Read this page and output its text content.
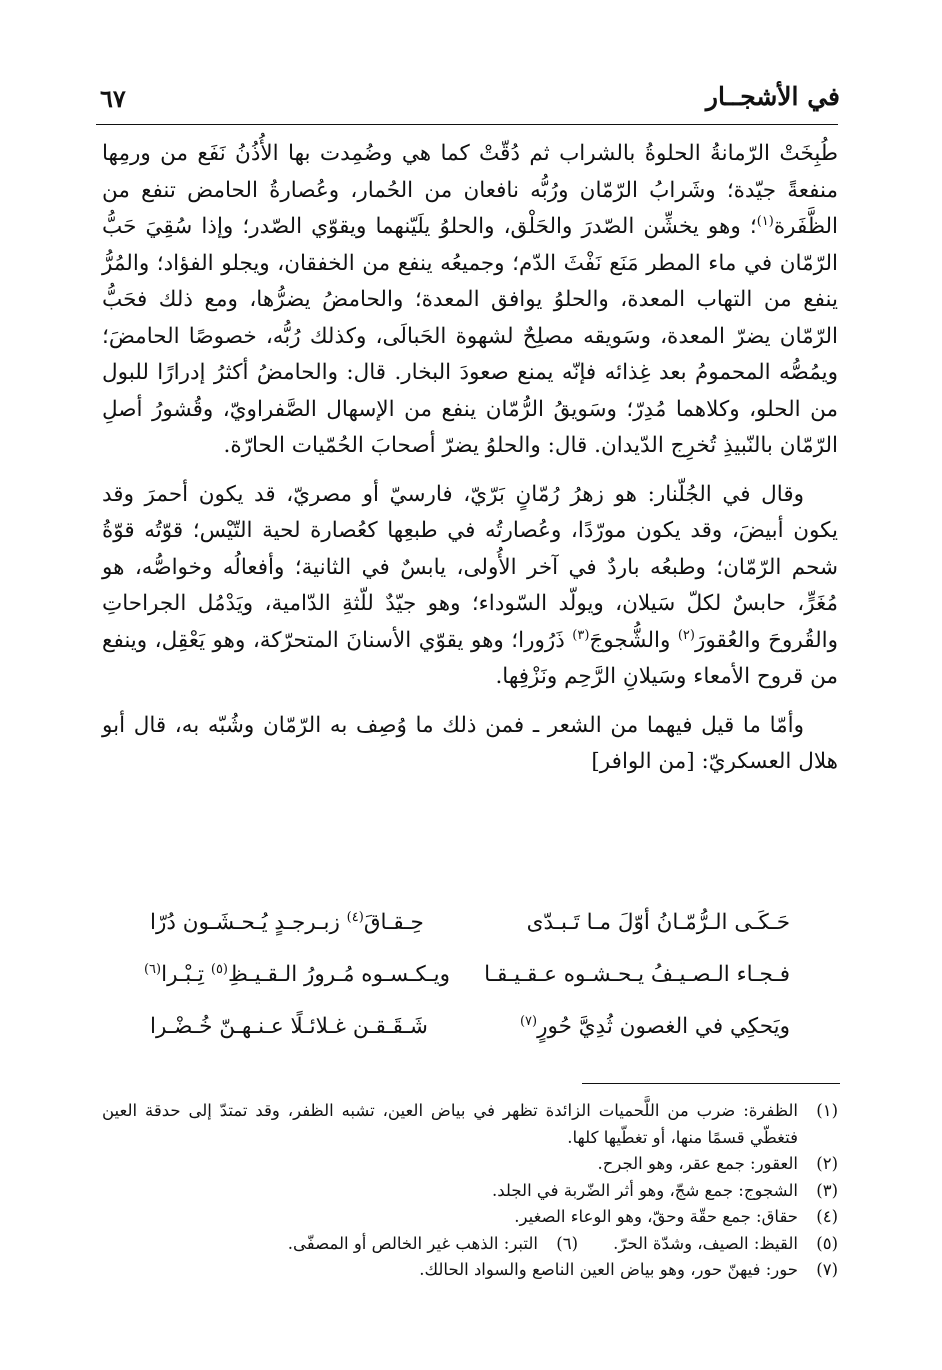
في الأشجــار
٦٧

طُبِخَتْ الرّمانةُ الحلوةُ بالشراب ثم دُقّتْ كما هي وضُمِدت بها الأُذُنُ نَفَع من ورمِها منفعةً جيّدة؛ وشَرابُ الرّمّان ورُبُّه نافعان من الحُمار، وعُصارةُ الحامض تنفع من الظَّفَرة$^{(١)}$؛ وهو يخشِّن الصّدرَ والحَلْق، والحلوُ يلَيّنهما ويقوّي الصّدر؛ وإذا سُقِيَ حَبُّ الرّمّان في ماء المطر مَنَع نَفْثَ الدّم؛ وجميعُه ينفع من الخفقان، ويجلو الفؤاد؛ والمُرُّ ينفع من التهاب المعدة، والحلوُ يوافق المعدة؛ والحامضُ يضرُّها، ومع ذلك فحَبُّ الرّمّان يضرّ المعدة، وسَويقه مصلِحٌ لشهوة الحَبالَى، وكذلك رُبُّه، خصوصًا الحامضَ؛ ويمُصُّه المحمومُ بعد غِذائه فإنّه يمنع صعودَ البخار. قال: والحامضُ أكثرُ إدرارًا للبول من الحلو، وكلاهما مُدِرّ؛ وسَويقُ الرُّمّان ينفع من الإسهال الصَّفراويّ، وقُشورُ أصلِ الرّمّان بالنّبيذِ تُخرِج الدّيدان. قال: والحلوُ يضرّ أصحابَ الحُمّيات الحارّة.

وقال في الجُلّنار: هو زهرُ رُمّانٍ بَرّيّ، فارسيّ أو مصريّ، قد يكون أحمرَ وقد يكون أبيضَ، وقد يكون مورّدًا، وعُصارتُه في طبعِها كعُصارة لحية التّيْس؛ قوّتُه قوّةُ شحم الرّمّان؛ وطبعُه باردٌ في آخر الأُولى، يابسٌ في الثانية؛ وأفعالُه وخواصُّه، هو مُغَرٍّ، حابسٌ لكلّ سَيلان، ويولّد السّوداء؛ وهو جيّدٌ للّثةِ الدّامية، ويَدْمُل الجراحاتِ والقُروحَ والعُقورَ$^{(٢)}$ والشُّجوجَ$^{(٣)}$ ذَرُورا؛ وهو يقوّي الأسنانَ المتحرّكة، وهو يَعْقِل، وينفع من قروح الأمعاء وسَيلانِ الرَّحِم ونَزْفِها.

وأمّا ما قيل فيهما من الشعر ـ فمن ذلك ما وُصِف به الرّمّان وشُبّه به، قال أبو هلال العسكريّ: [من الوافر]

حَـكَـى الـرُّمّـانُ أوّلَ مـا تَـبـدّى
حِـقـاقَ$^{(٤)}$ زبـرجـدٍ يُـحـشَـون دُرّا
فـجـاء الـصـيـفُ يـحـشـوه عـقـيـقـا
ويـكـسـوه مُـرورُ الـقـيـظِ$^{(٥)}$ تِـبْـرا$^{(٦)}$
ويَحكِي في الغصون ثُدِيَّ حُورٍ$^{(٧)}$
شَـقَـقـن غـلائـلًا عـنـهـنّ خُـضْـرا
(١)
الظفرة: ضرب من اللَّحميات الزائدة تظهر في بياض العين، تشبه الظفر، وقد تمتدّ إلى حدقة العين فتغطّي قسمًا منها، أو تغطّيها كلها.
(٢)
العقور: جمع عقر، وهو الجرح.
(٣)
الشجوج: جمع شجّ، وهو أثر الضّربة في الجلد.
(٤)
حقاق: جمع حقّة وحقّ، وهو الوعاء الصغير.
(٥)
القيظ: الصيف، وشدّة الحرّ.
(٦)
التبر: الذهب غير الخالص أو المصفّى.
(٧)
حور: فيهنّ حور، وهو بياض العين الناصع والسواد الحالك.
